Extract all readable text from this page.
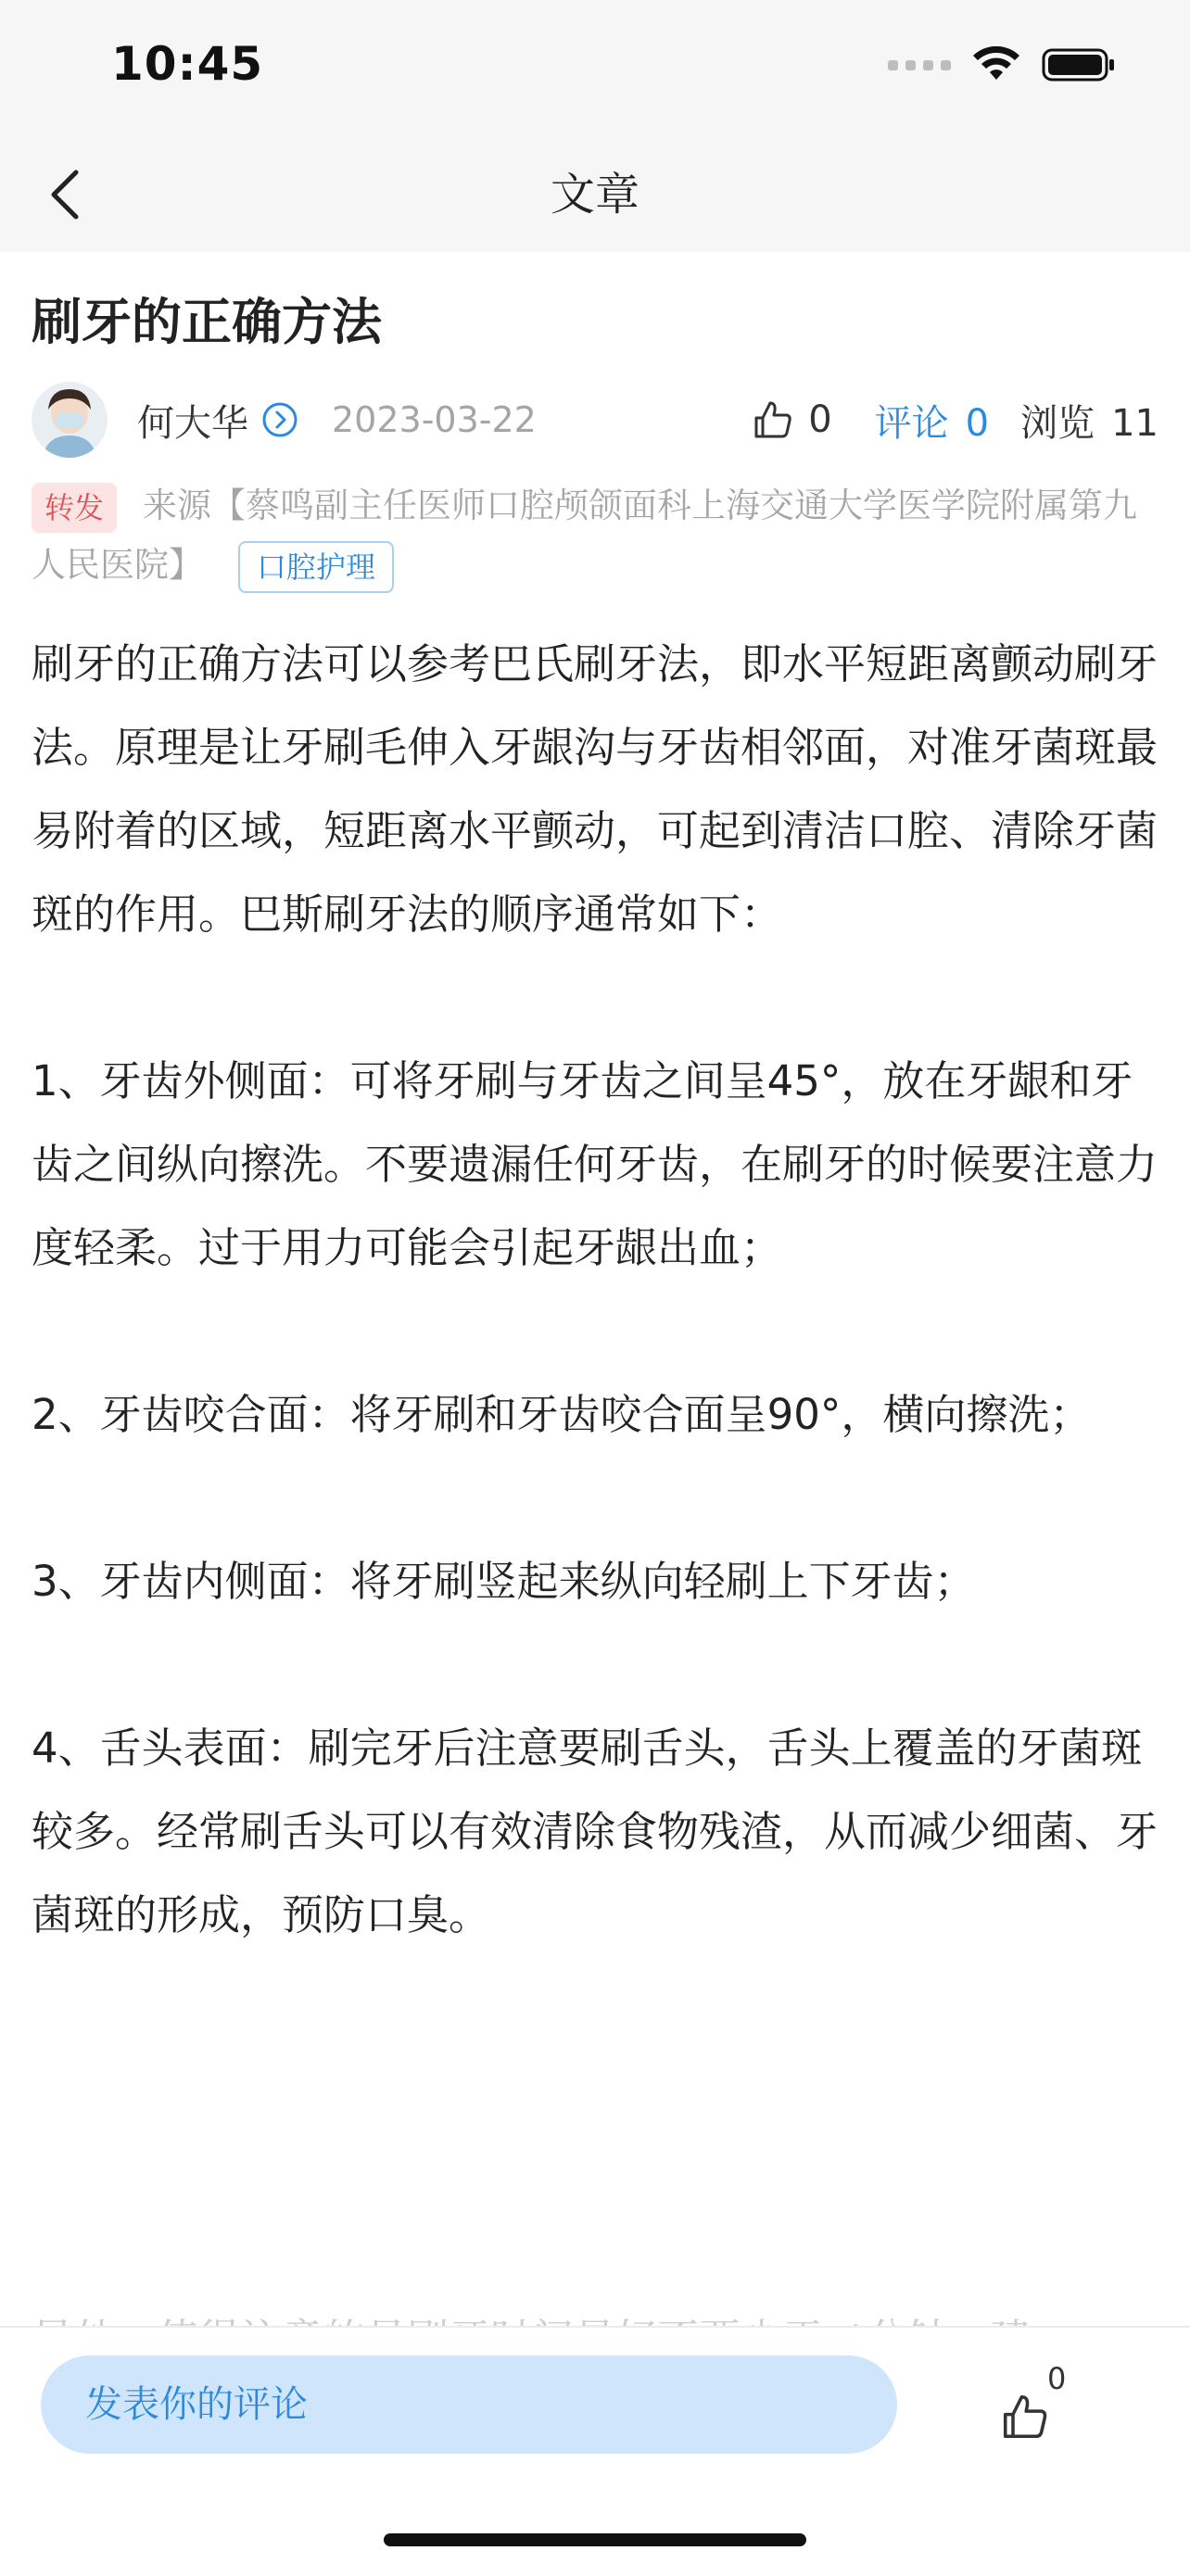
10:45
文章
刷牙的正确方法
何大华 2023-03-22	0 评论 0 浏览 11
转发 来源【蔡鸣副主任医师口腔颅颌面科上海交通大学医学院附属第九人民医院】 口腔护理

刷牙的正确方法可以参考巴氏刷牙法，即水平短距离颤动刷牙法。原理是让牙刷毛伸入牙龈沟与牙齿相邻面，对准牙菌斑最易附着的区域，短距离水平颤动，可起到清洁口腔、清除牙菌斑的作用。巴斯刷牙法的顺序通常如下：

1、牙齿外侧面：可将牙刷与牙齿之间呈45°，放在牙龈和牙齿之间纵向擦洗。不要遗漏任何牙齿，在刷牙的时候要注意力度轻柔。过于用力可能会引起牙龈出血；

2、牙齿咬合面：将牙刷和牙齿咬合面呈90°，横向擦洗；

3、牙齿内侧面：将牙刷竖起来纵向轻刷上下牙齿；

4、舌头表面：刷完牙后注意要刷舌头，舌头上覆盖的牙菌斑较多。经常刷舌头可以有效清除食物残渣，从而减少细菌、牙菌斑的形成，预防口臭。

发表你的评论
0
